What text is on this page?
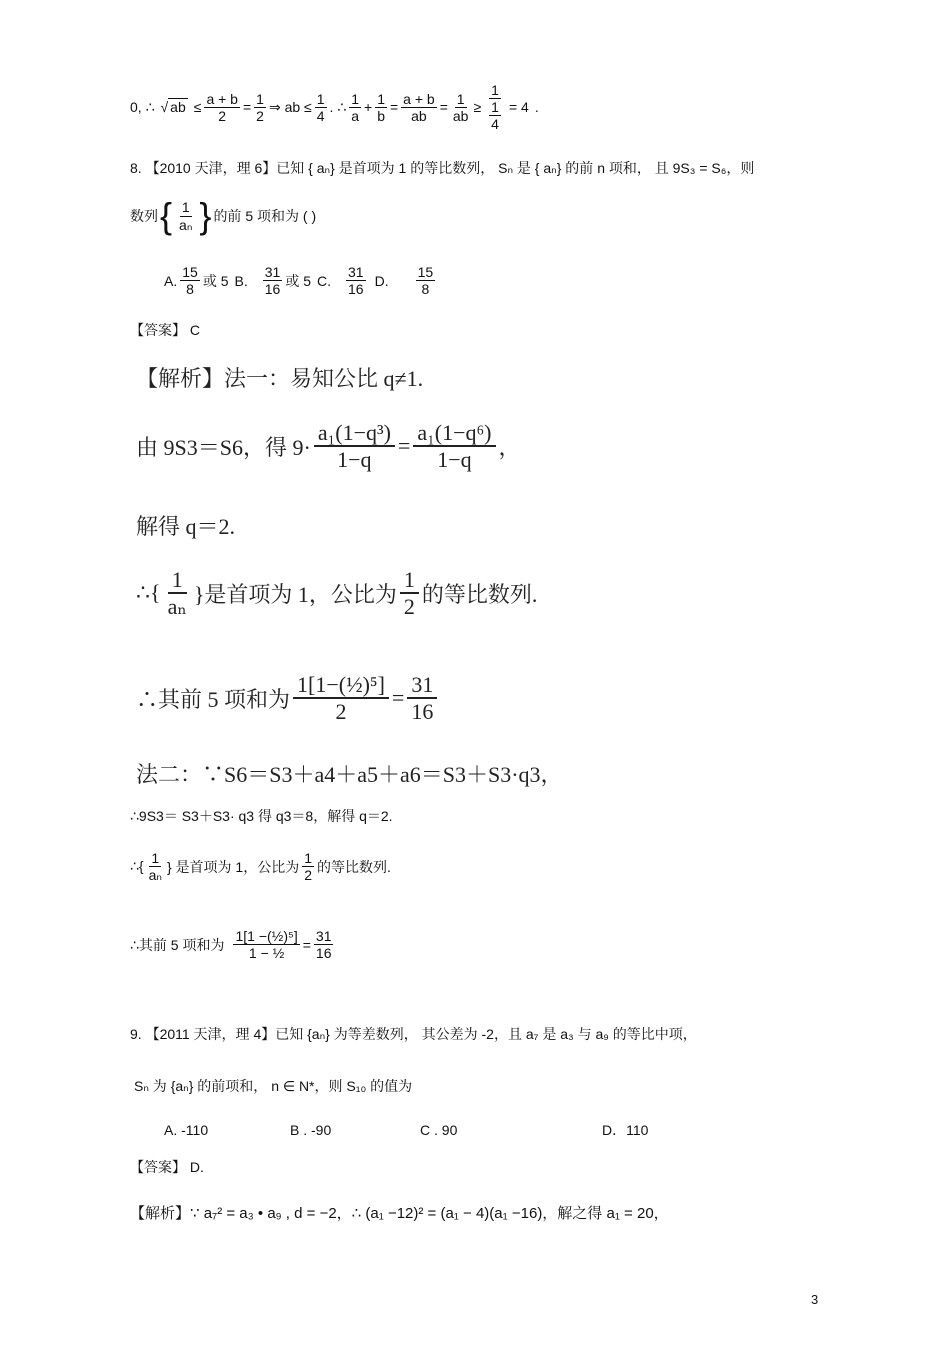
0, ∴ √ ab ≤ $\frac{a + b}{2} = \frac{1}{2}$ ⇒ ab ≤ $\frac{1}{4}$ . ∴ $\frac{1}{a} + \frac{1}{b} = \frac{a + b}{ab} = \frac{1}{ab} \ge \frac{1}{\frac{1}{4}} = 4$ .
8. 【2010 天津，理 6】已知 { aₙ} 是首项为 1 的等比数列， Sₙ 是 { aₙ} 的前 n 项和， 且 9S₃ = S₆，则
数列 { $\frac{1}{\text{aₙ}}$ } 的前 5 项和为 ( )
A. $\frac{15}{8}$ 或 5 B. $\frac{31}{16}$ 或 5 C. $\frac{31}{16} D$. $\frac{15}{8}$
【答案】 C
【解析】法一：易知公比 q≠1.
由 9S3＝S6，得 $9\cdot \frac{\text{a₁(1−q³)}}{1-q} = \frac{\text{a₁(1−q⁶)}}{1-q}$ ，
解得 q＝2.
∴{ $\frac{1}{\text{aₙ}}$ }是首项为 1，公比为 $\frac{1}{2}$ 的等比数列.
∴其前 5 项和为 $\frac{\text{1[1−(½)⁵]}}{2} = \frac{31}{16}$
法二：∵S6＝S3＋a4＋a5＋a6＝S3＋S3·q3，
∴9S3＝ S3＋S3· q3 得 q3＝8，解得 q＝2.
∴{ $\frac{1}{\text{aₙ}}$ } 是首项为 1，公比为 $\frac{1}{2}$ 的等比数列.
∴其前 5 项和为 $\frac{\text{1[1 −(½)⁵]}}{\text{1 − ½}} = \frac{31}{16}$
9. 【2011 天津，理 4】已知 {aₙ} 为等差数列， 其公差为 -2，且 a₇ 是 a₃ 与 a₉ 的等比中项，
Sₙ 为 {aₙ} 的前项和， n ∈ N*，则 S₁₀ 的值为
A. -110	B . -90	C . 90	D．110
【答案】 D.
【解析】∵ a₇² = a₃ • a₉ , d = −2，∴ (a₁ −12)² = (a₁ − 4)(a₁ −16)，解之得 a₁ = 20，
3
